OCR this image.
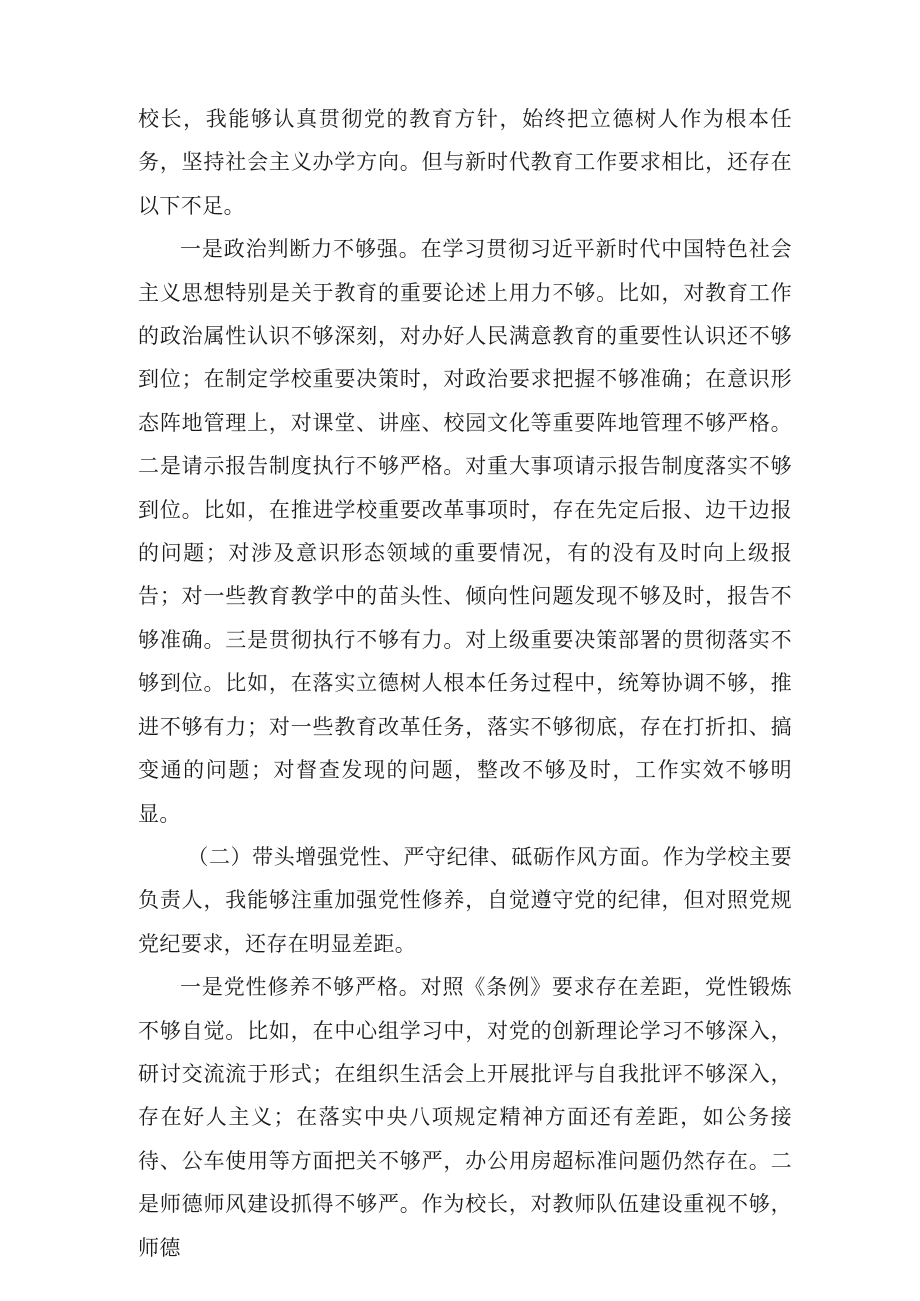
校长，我能够认真贯彻党的教育方针，始终把立德树人作为根本任务，坚持社会主义办学方向。但与新时代教育工作要求相比，还存在以下不足。

一是政治判断力不够强。在学习贯彻习近平新时代中国特色社会主义思想特别是关于教育的重要论述上用力不够。比如，对教育工作的政治属性认识不够深刻，对办好人民满意教育的重要性认识还不够到位；在制定学校重要决策时，对政治要求把握不够准确；在意识形态阵地管理上，对课堂、讲座、校园文化等重要阵地管理不够严格。二是请示报告制度执行不够严格。对重大事项请示报告制度落实不够到位。比如，在推进学校重要改革事项时，存在先定后报、边干边报的问题；对涉及意识形态领域的重要情况，有的没有及时向上级报告；对一些教育教学中的苗头性、倾向性问题发现不够及时，报告不够准确。三是贯彻执行不够有力。对上级重要决策部署的贯彻落实不够到位。比如，在落实立德树人根本任务过程中，统筹协调不够，推进不够有力；对一些教育改革任务，落实不够彻底，存在打折扣、搞变通的问题；对督查发现的问题，整改不够及时，工作实效不够明显。

（二）带头增强党性、严守纪律、砥砺作风方面。作为学校主要负责人，我能够注重加强党性修养，自觉遵守党的纪律，但对照党规党纪要求，还存在明显差距。

一是党性修养不够严格。对照《条例》要求存在差距，党性锻炼不够自觉。比如，在中心组学习中，对党的创新理论学习不够深入，研讨交流流于形式；在组织生活会上开展批评与自我批评不够深入，存在好人主义；在落实中央八项规定精神方面还有差距，如公务接待、公车使用等方面把关不够严，办公用房超标准问题仍然存在。二是师德师风建设抓得不够严。作为校长，对教师队伍建设重视不够，师德
